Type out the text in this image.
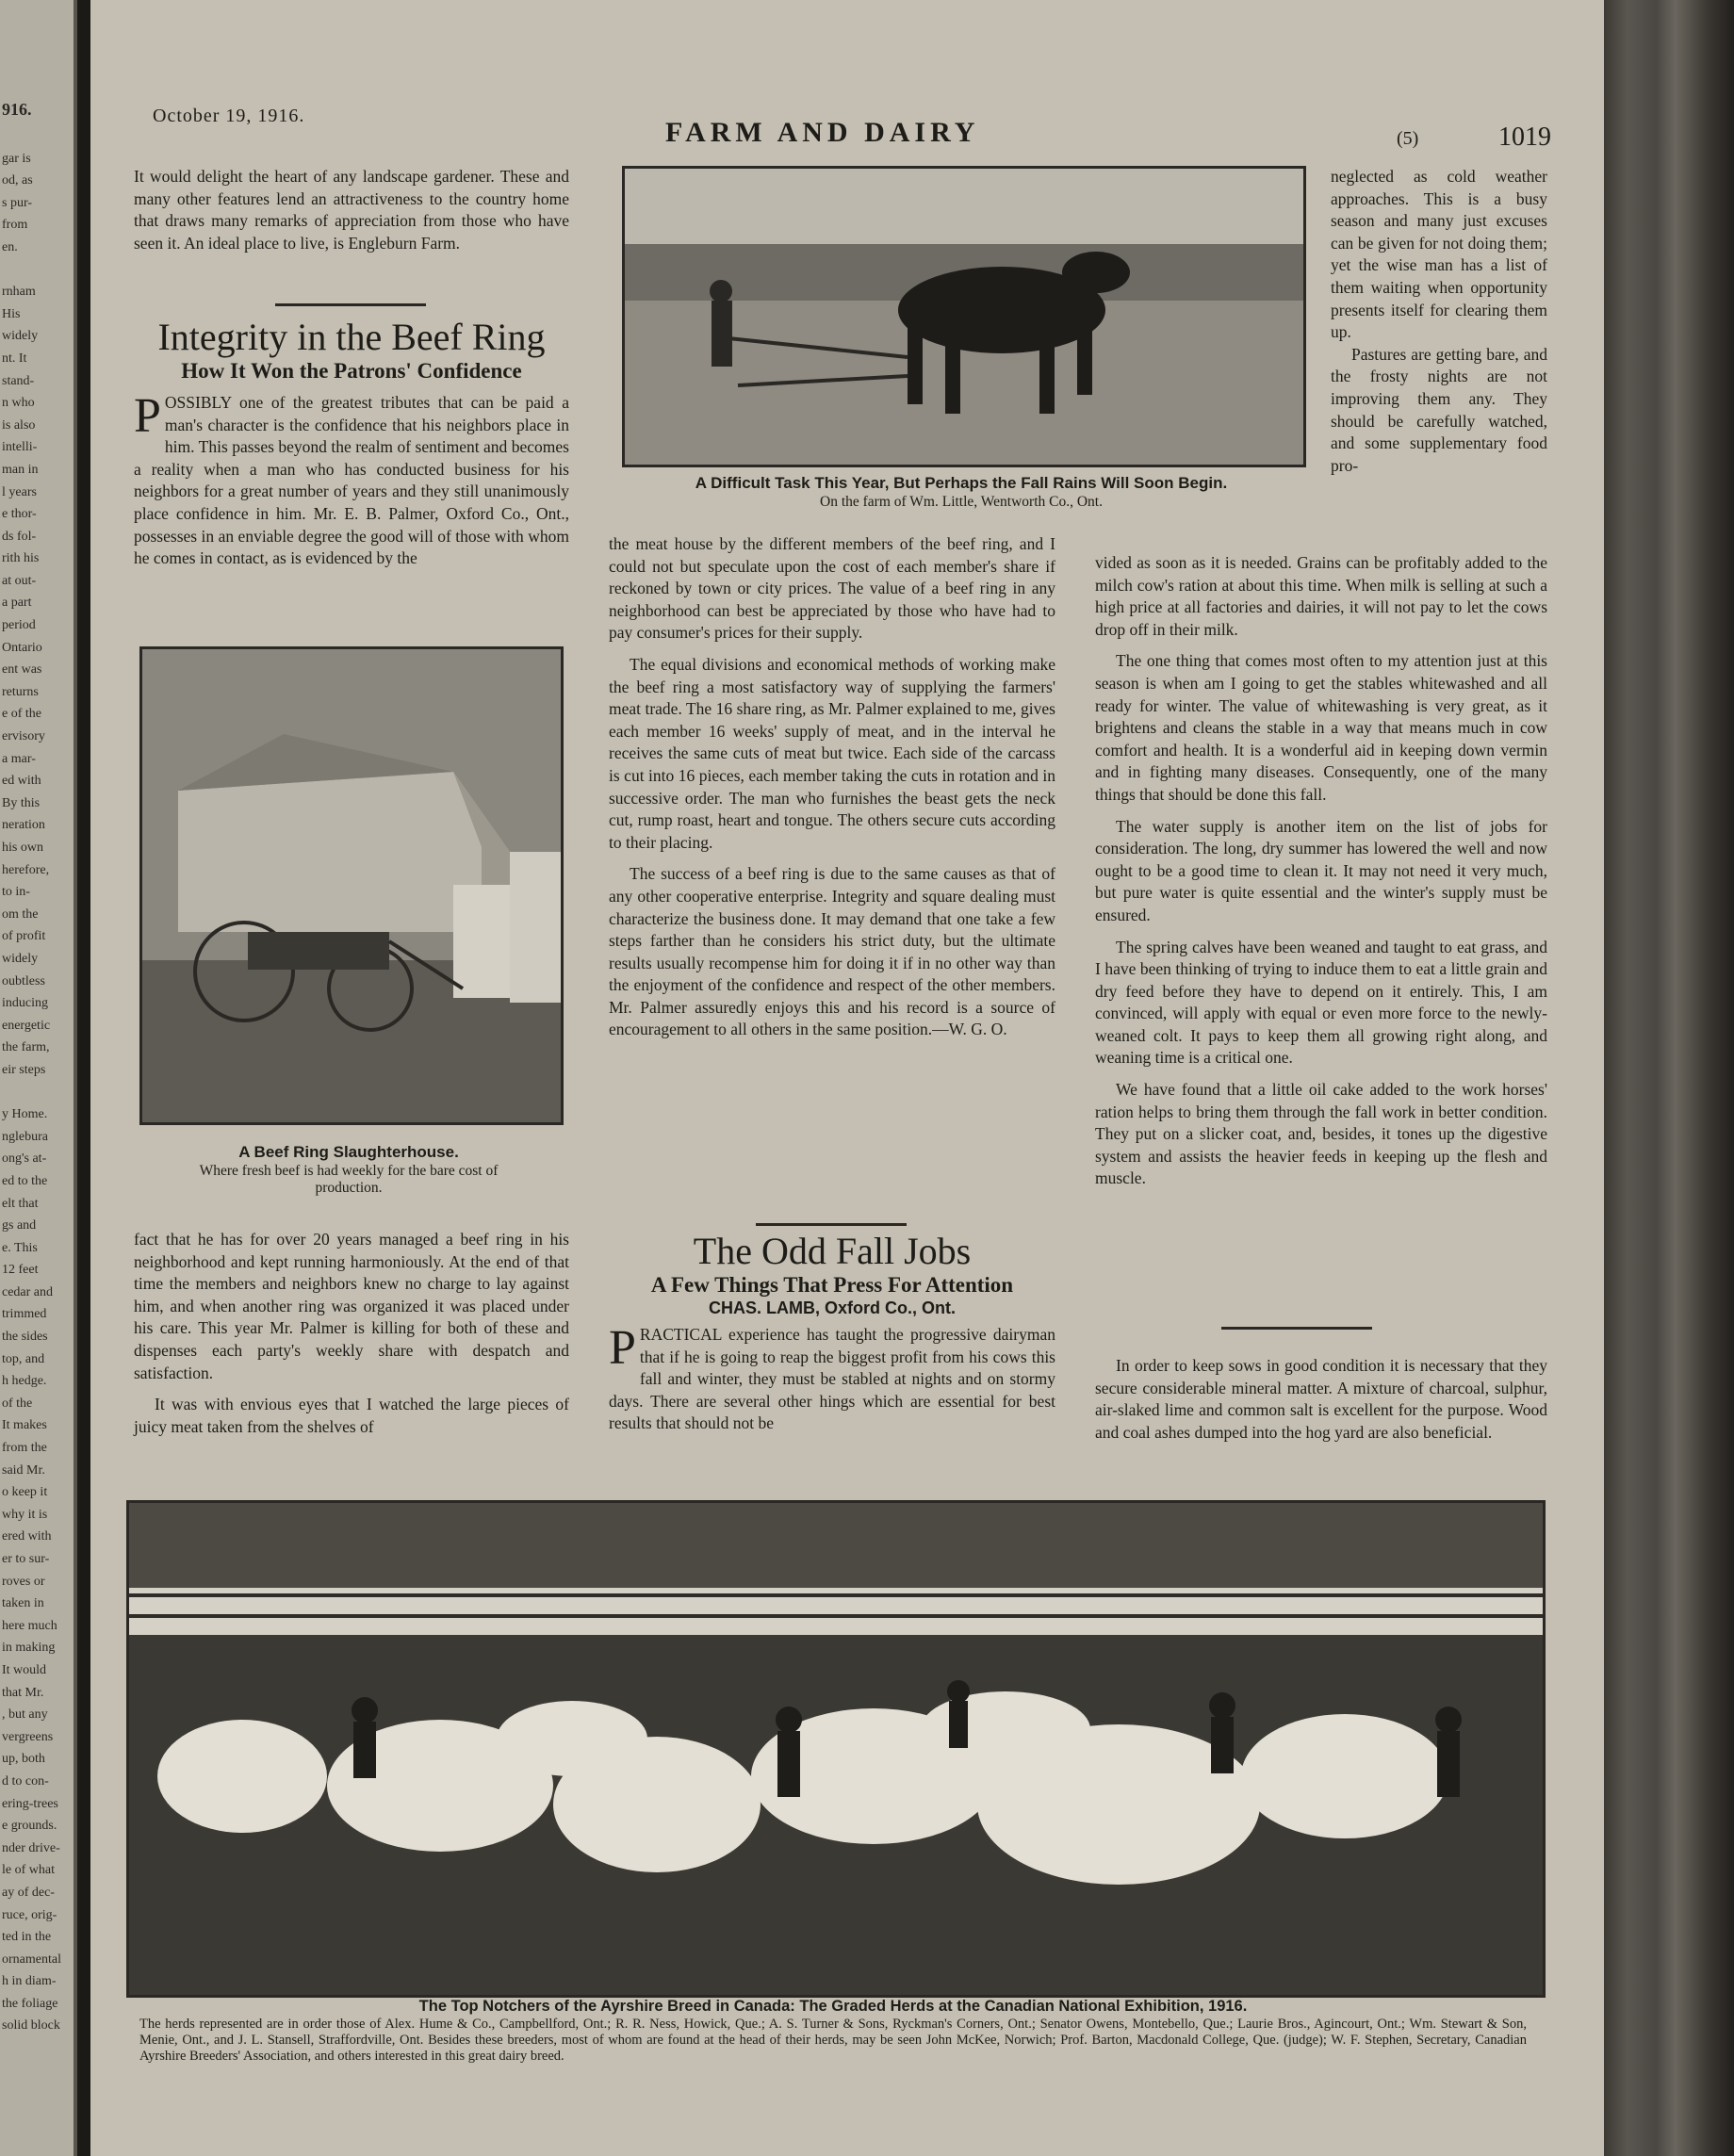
916.
gar is
od, as
s pur-
from
en.

rnham
His
widely
nt. It
stand-
n who
is also
intelli-
man in
l years
e thor-
ds fol-
rith his
at out-
a part
period
Ontario
ent was
returns
e of the
ervisory
a mar-
ed with
By this
neration
his own
herefore,
to in-
om the
of profit
widely
oubtless
inducing
energetic
the farm,
eir steps

y Home.
nglebura
ong's at-
ed to the
elt that
gs and
e. This
12 feet
cedar and
trimmed
the sides
top, and
h hedge.
of the
It makes
from the
said Mr.
o keep it
why it is
ered with
er to sur-
roves or
taken in
here much
in making
It would
that Mr.
, but any
vergreens
up, both
d to con-
ering-trees
e grounds.
nder drive-
le of what
ay of dec-
ruce, orig-
ted in the
ornamental
h in diam-
the foliage
solid block
October 19, 1916.
FARM AND DAIRY	(5)	1019

It would delight the heart of any landscape gardener. These and many other features lend an attractiveness to the country home that draws many remarks of appreciation from those who have seen it. An ideal place to live, is Engleburn Farm.

Integrity in the Beef Ring
How It Won the Patrons' Confidence

POSSIBLY one of the greatest tributes that can be paid a man's character is the confidence that his neighbors place in him. This passes beyond the realm of sentiment and becomes a reality when a man who has conducted business for his neighbors for a great number of years and they still unanimously place confidence in him. Mr. E. B. Palmer, Oxford Co., Ont., possesses in an enviable degree the good will of those with whom he comes in contact, as is evidenced by the

A Beef Ring Slaughterhouse.
Where fresh beef is had weekly for the bare cost of production.

fact that he has for over 20 years managed a beef ring in his neighborhood and kept running harmoniously. At the end of that time the members and neighbors knew no charge to lay against him, and when another ring was organized it was placed under his care. This year Mr. Palmer is killing for both of these and dispenses each party's weekly share with despatch and satisfaction.

It was with envious eyes that I watched the large pieces of juicy meat taken from the shelves of

A Difficult Task This Year, But Perhaps the Fall Rains Will Soon Begin.
On the farm of Wm. Little, Wentworth Co., Ont.

the meat house by the different members of the beef ring, and I could not but speculate upon the cost of each member's share if reckoned by town or city prices. The value of a beef ring in any neighborhood can best be appreciated by those who have had to pay consumer's prices for their supply.

The equal divisions and economical methods of working make the beef ring a most satisfactory way of supplying the farmers' meat trade. The 16 share ring, as Mr. Palmer explained to me, gives each member 16 weeks' supply of meat, and in the interval he receives the same cuts of meat but twice. Each side of the carcass is cut into 16 pieces, each member taking the cuts in rotation and in successive order. The man who furnishes the beast gets the neck cut, rump roast, heart and tongue. The others secure cuts according to their placing.

The success of a beef ring is due to the same causes as that of any other cooperative enterprise. Integrity and square dealing must characterize the business done. It may demand that one take a few steps farther than he considers his strict duty, but the ultimate results usually recompense him for doing it if in no other way than the enjoyment of the confidence and respect of the other members. Mr. Palmer assuredly enjoys this and his record is a source of encouragement to all others in the same position.—W. G. O.

The Odd Fall Jobs
A Few Things That Press For Attention
CHAS. LAMB, Oxford Co., Ont.

PRACTICAL experience has taught the progressive dairyman that if he is going to reap the biggest profit from his cows this fall and winter, they must be stabled at nights and on stormy days. There are several other hings which are essential for best results that should not be

neglected as cold weather approaches. This is a busy season and many just excuses can be given for not doing them; yet the wise man has a list of them waiting when opportunity presents itself for clearing them up.

Pastures are getting bare, and the frosty nights are not improving them any. They should be carefully watched, and some supplementary food pro-

vided as soon as it is needed. Grains can be profitably added to the milch cow's ration at about this time. When milk is selling at such a high price at all factories and dairies, it will not pay to let the cows drop off in their milk.

The one thing that comes most often to my attention just at this season is when am I going to get the stables whitewashed and all ready for winter. The value of whitewashing is very great, as it brightens and cleans the stable in a way that means much in cow comfort and health. It is a wonderful aid in keeping down vermin and in fighting many diseases. Consequently, one of the many things that should be done this fall.

The water supply is another item on the list of jobs for consideration. The long, dry summer has lowered the well and now ought to be a good time to clean it. It may not need it very much, but pure water is quite essential and the winter's supply must be ensured.

The spring calves have been weaned and taught to eat grass, and I have been thinking of trying to induce them to eat a little grain and dry feed before they have to depend on it entirely. This, I am convinced, will apply with equal or even more force to the newly-weaned colt. It pays to keep them all growing right along, and weaning time is a critical one.

We have found that a little oil cake added to the work horses' ration helps to bring them through the fall work in better condition. They put on a slicker coat, and, besides, it tones up the digestive system and assists the heavier feeds in keeping up the flesh and muscle.

In order to keep sows in good condition it is necessary that they secure considerable mineral matter. A mixture of charcoal, sulphur, air-slaked lime and common salt is excellent for the purpose. Wood and coal ashes dumped into the hog yard are also beneficial.

The Top Notchers of the Ayrshire Breed in Canada: The Graded Herds at the Canadian National Exhibition, 1916.
The herds represented are in order those of Alex. Hume & Co., Campbellford, Ont.; R. R. Ness, Howick, Que.; A. S. Turner & Sons, Ryckman's Corners, Ont.; Senator Owens, Montebello, Que.; Laurie Bros., Agincourt, Ont.; Wm. Stewart & Son, Menie, Ont., and J. L. Stansell, Straffordville, Ont. Besides these breeders, most of whom are found at the head of their herds, may be seen John McKee, Norwich; Prof. Barton, Macdonald College, Que. (judge); W. F. Stephen, Secretary, Canadian Ayrshire Breeders' Association, and others interested in this great dairy breed.
